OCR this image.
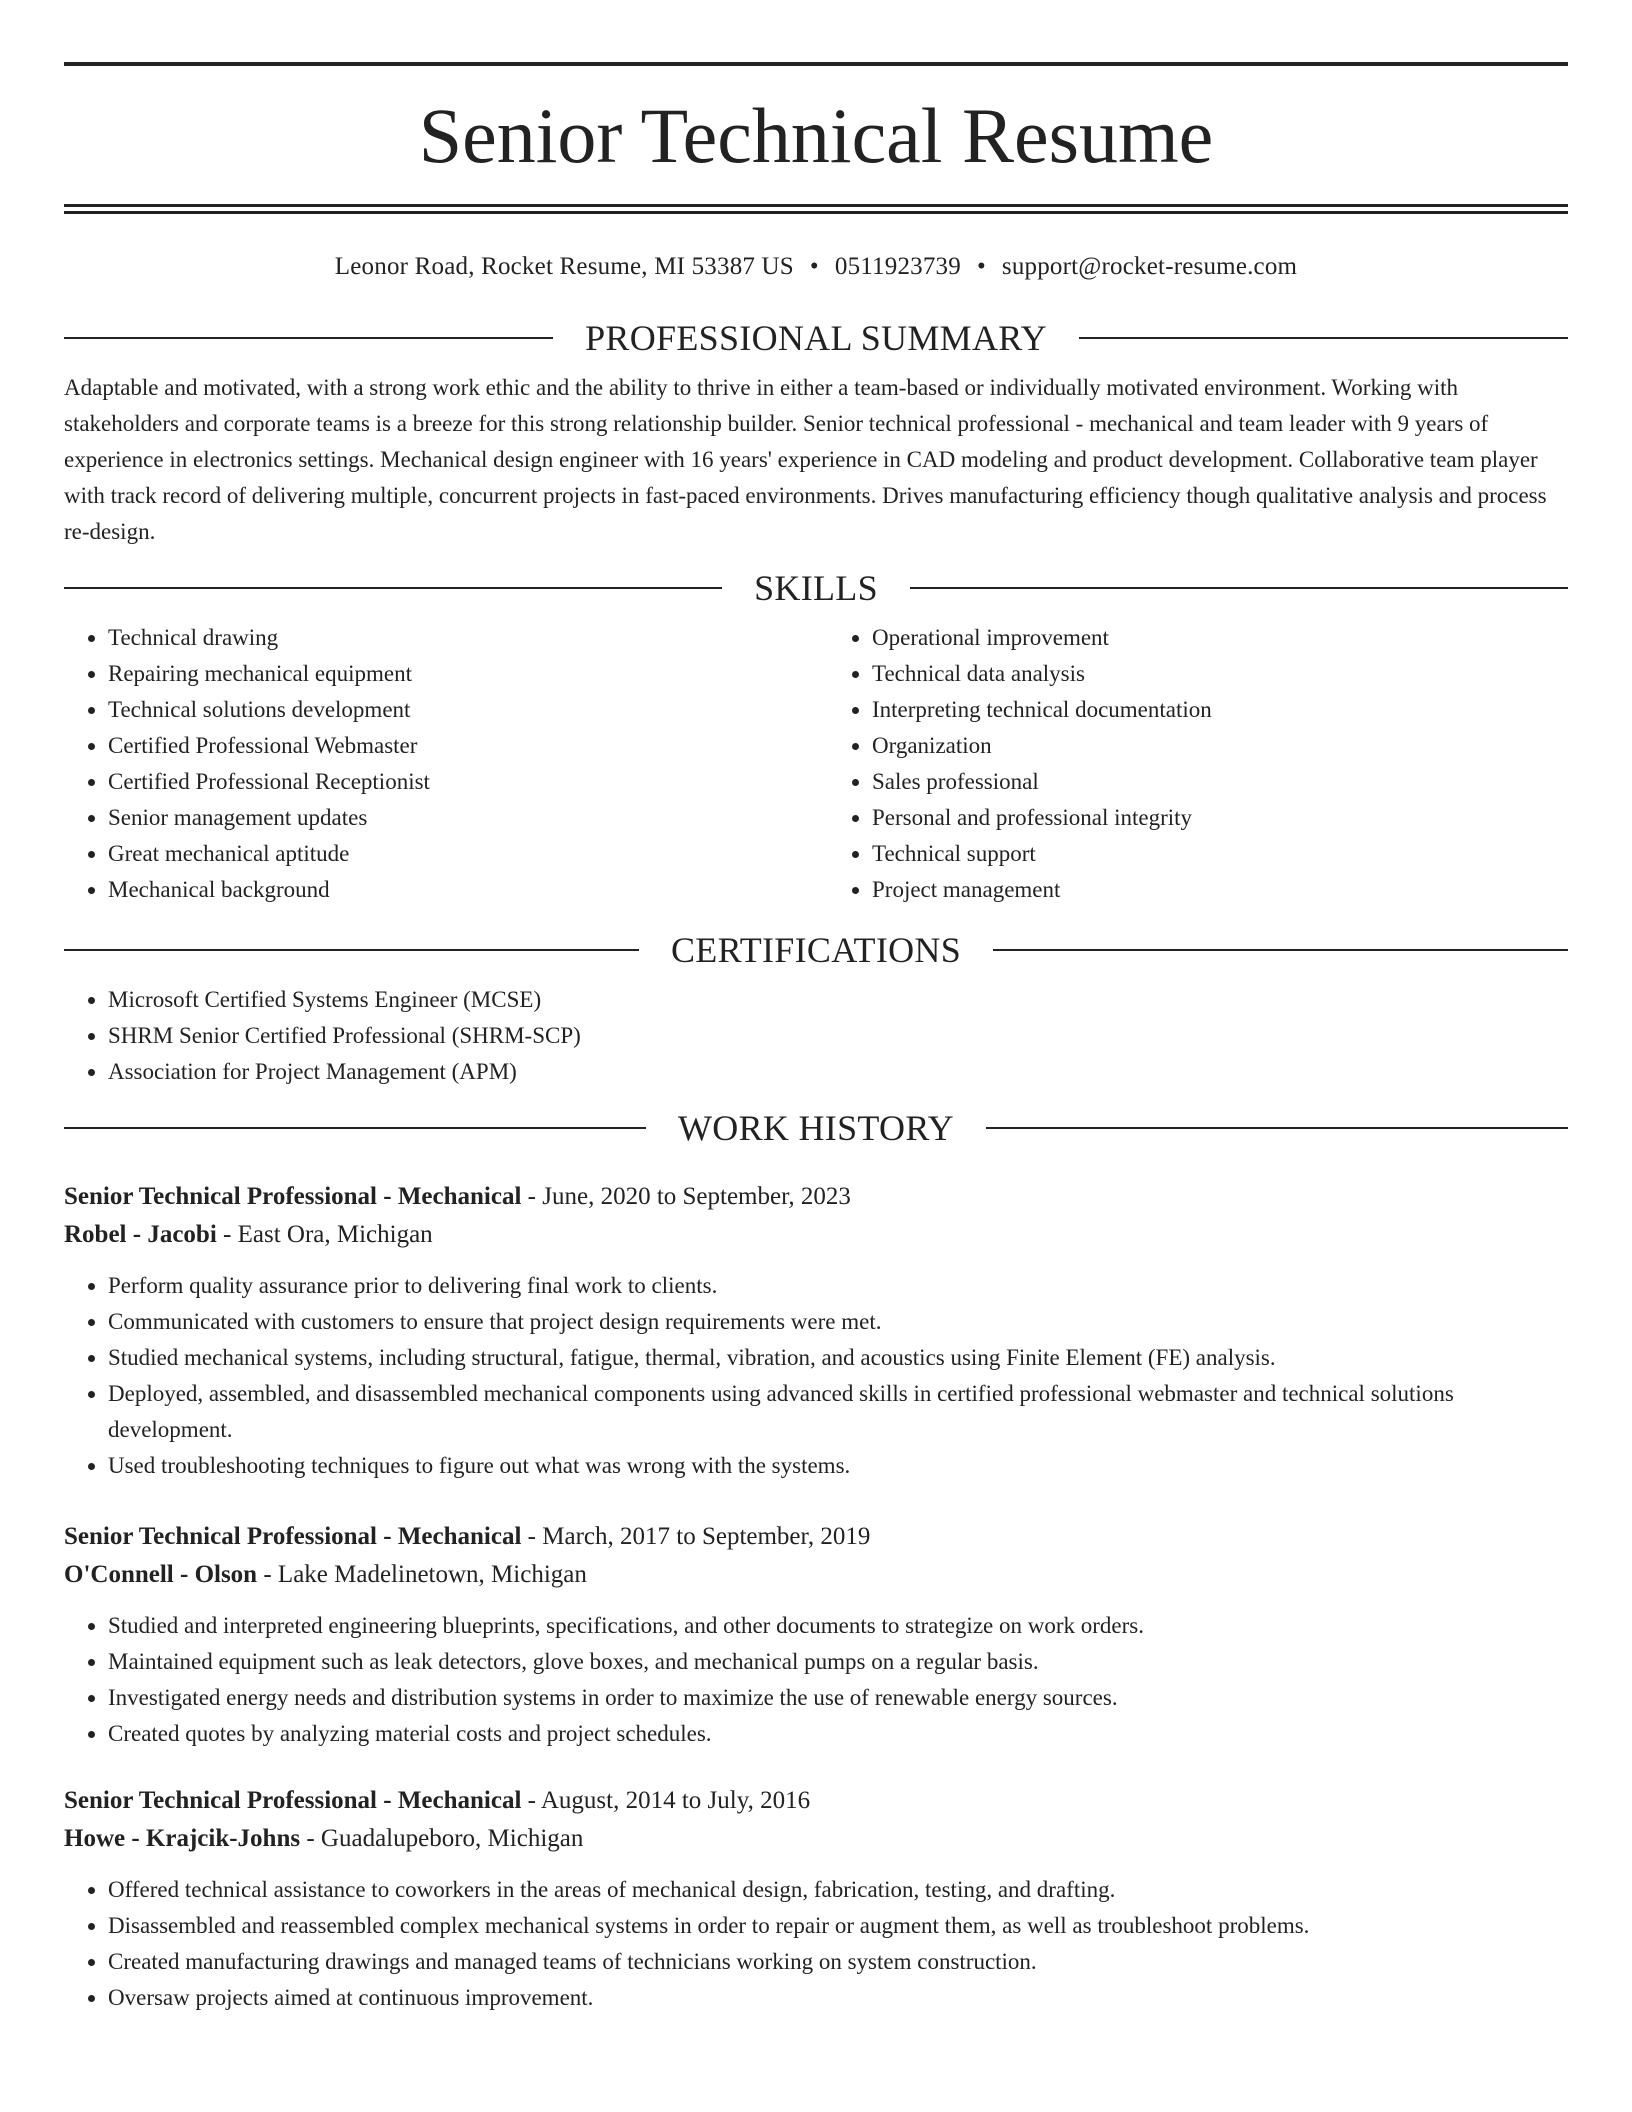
Senior Technical Resume
Leonor Road, Rocket Resume, MI 53387 US • 0511923739 • support@rocket-resume.com
PROFESSIONAL SUMMARY

Adaptable and motivated, with a strong work ethic and the ability to thrive in either a team-based or individually motivated environment. Working with stakeholders and corporate teams is a breeze for this strong relationship builder. Senior technical professional - mechanical and team leader with 9 years of experience in electronics settings. Mechanical design engineer with 16 years' experience in CAD modeling and product development. Collaborative team player with track record of delivering multiple, concurrent projects in fast-paced environments. Drives manufacturing efficiency though qualitative analysis and process re-design.

SKILLS
• Technical drawing
• Repairing mechanical equipment
• Technical solutions development
• Certified Professional Webmaster
• Certified Professional Receptionist
• Senior management updates
• Great mechanical aptitude
• Mechanical background
• Operational improvement
• Technical data analysis
• Interpreting technical documentation
• Organization
• Sales professional
• Personal and professional integrity
• Technical support
• Project management
CERTIFICATIONS
• Microsoft Certified Systems Engineer (MCSE)
• SHRM Senior Certified Professional (SHRM-SCP)
• Association for Project Management (APM)
WORK HISTORY
Senior Technical Professional - Mechanical - June, 2020 to September, 2023
Robel - Jacobi - East Ora, Michigan
• Perform quality assurance prior to delivering final work to clients.
• Communicated with customers to ensure that project design requirements were met.
• Studied mechanical systems, including structural, fatigue, thermal, vibration, and acoustics using Finite Element (FE) analysis.
• Deployed, assembled, and disassembled mechanical components using advanced skills in certified professional webmaster and technical solutions development.
• Used troubleshooting techniques to figure out what was wrong with the systems.
Senior Technical Professional - Mechanical - March, 2017 to September, 2019
O'Connell - Olson - Lake Madelinetown, Michigan
• Studied and interpreted engineering blueprints, specifications, and other documents to strategize on work orders.
• Maintained equipment such as leak detectors, glove boxes, and mechanical pumps on a regular basis.
• Investigated energy needs and distribution systems in order to maximize the use of renewable energy sources.
• Created quotes by analyzing material costs and project schedules.
Senior Technical Professional - Mechanical - August, 2014 to July, 2016
Howe - Krajcik-Johns - Guadalupeboro, Michigan
• Offered technical assistance to coworkers in the areas of mechanical design, fabrication, testing, and drafting.
• Disassembled and reassembled complex mechanical systems in order to repair or augment them, as well as troubleshoot problems.
• Created manufacturing drawings and managed teams of technicians working on system construction.
• Oversaw projects aimed at continuous improvement.
